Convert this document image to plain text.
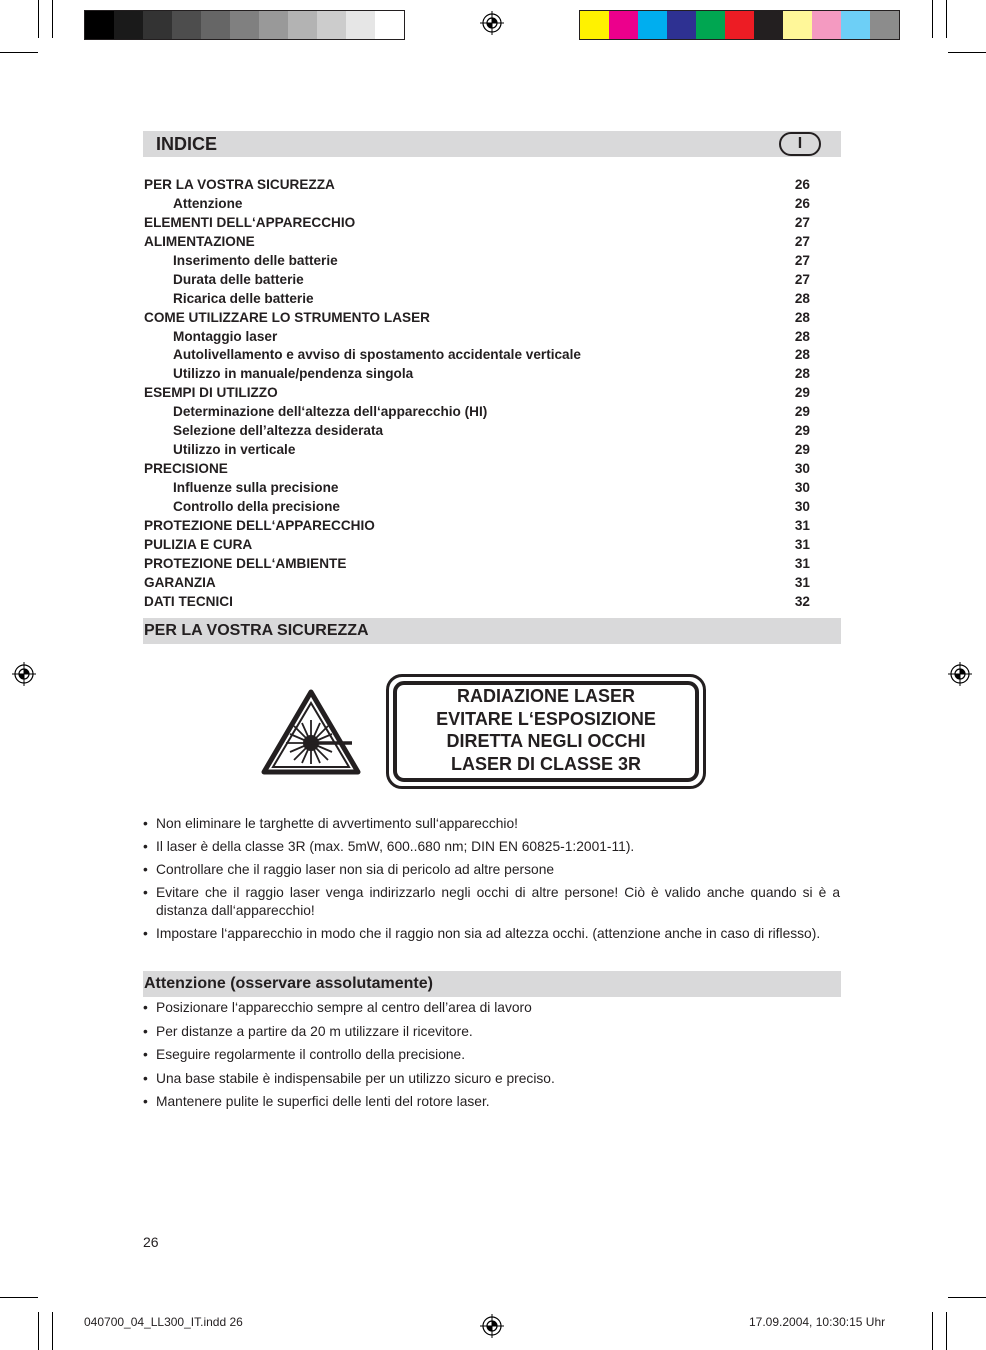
INDICE	I
PER LA VOSTRA SICUREZZA	26
Attenzione	26
ELEMENTI DELL‘APPARECCHIO	27
ALIMENTAZIONE	27
Inserimento delle batterie	27
Durata delle batterie	27
Ricarica delle batterie	28
COME UTILIZZARE LO STRUMENTO LASER	28
Montaggio laser	28
Autolivellamento e avviso di spostamento accidentale verticale	28
Utilizzo in manuale/pendenza singola	28
ESEMPI DI UTILIZZO	29
Determinazione dell‘altezza dell‘apparecchio (HI)	29
Selezione dell’altezza desiderata	29
Utilizzo in verticale	29
PRECISIONE	30
Influenze sulla precisione	30
Controllo della precisione	30
PROTEZIONE DELL‘APPARECCHIO	31
PULIZIA E CURA	31
PROTEZIONE DELL‘AMBIENTE	31
GARANZIA	31
DATI TECNICI	32
PER LA VOSTRA SICUREZZA
RADIAZIONE LASER
EVITARE L‘ESPOSIZIONE
DIRETTA NEGLI OCCHI
LASER DI CLASSE 3R
• Non eliminare le targhette di avvertimento sull‘apparecchio!
• Il laser è della classe 3R (max. 5mW, 600..680 nm; DIN EN 60825-1:2001-11).
• Controllare che il raggio laser non sia di pericolo ad altre persone
• Evitare che il raggio laser venga indirizzarlo negli occhi di altre persone! Ciò è valido anche quando si è a distanza dall‘apparecchio!
• Impostare l‘apparecchio in modo che il raggio non sia ad altezza occhi. (attenzione anche in caso di riflesso).
Attenzione (osservare assolutamente)
• Posizionare l‘apparecchio sempre al centro dell’area di lavoro
• Per distanze a partire da 20 m utilizzare il ricevitore.
• Eseguire regolarmente il controllo della precisione.
• Una base stabile è indispensabile per un utilizzo sicuro e preciso.
• Mantenere pulite le superfici delle lenti del rotore laser.
26
040700_04_LL300_IT.indd 26	17.09.2004, 10:30:15 Uhr
